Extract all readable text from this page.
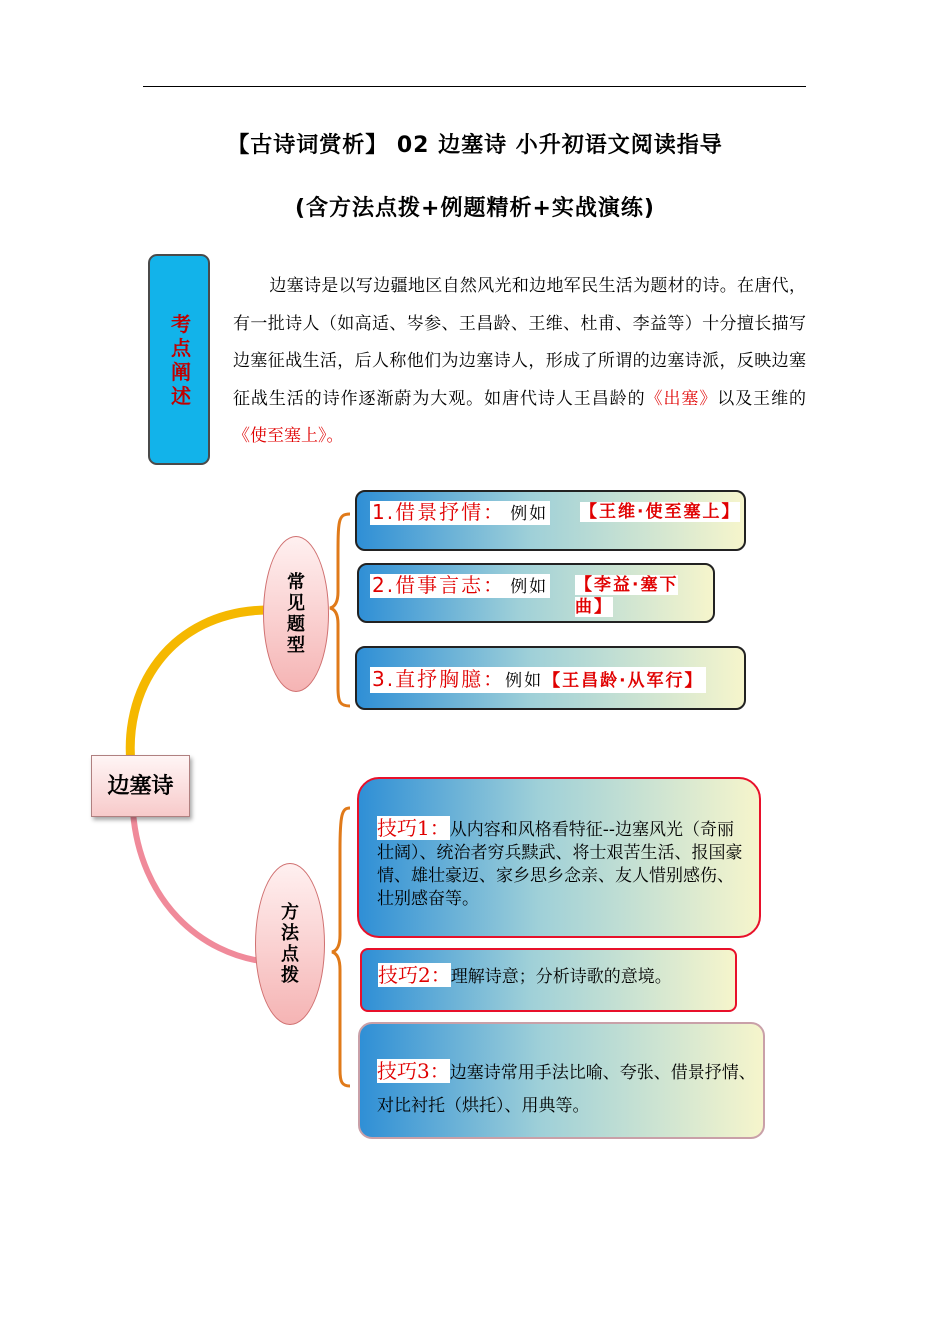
【古诗词赏析】 02 边塞诗 小升初语文阅读指导
(含方法点拨+例题精析+实战演练)
考点阐述
边塞诗是以写边疆地区自然风光和边地军民生活为题材的诗。在唐代，有一批诗人（如高适、岑参、王昌龄、王维、杜甫、李益等）十分擅长描写边塞征战生活，后人称他们为边塞诗人，形成了所谓的边塞诗派，反映边塞征战生活的诗作逐渐蔚为大观。如唐代诗人王昌龄的《出塞》以及王维的《使至塞上》。
边塞诗
常见题型
方法点拨
1.借景抒情： 例如 【王维·使至塞上】
2.借事言志： 例如 【李益·塞下曲】
3.直抒胸臆：例如【王昌龄·从军行】
技巧1：从内容和风格看特征--边塞风光（奇丽壮阔）、统治者穷兵黩武、将士艰苦生活、报国豪情、雄壮豪迈、家乡思乡念亲、友人惜别感伤、壮别感奋等。
技巧2：理解诗意；分析诗歌的意境。
技巧3：边塞诗常用手法比喻、夸张、借景抒情、对比衬托（烘托）、用典等。
